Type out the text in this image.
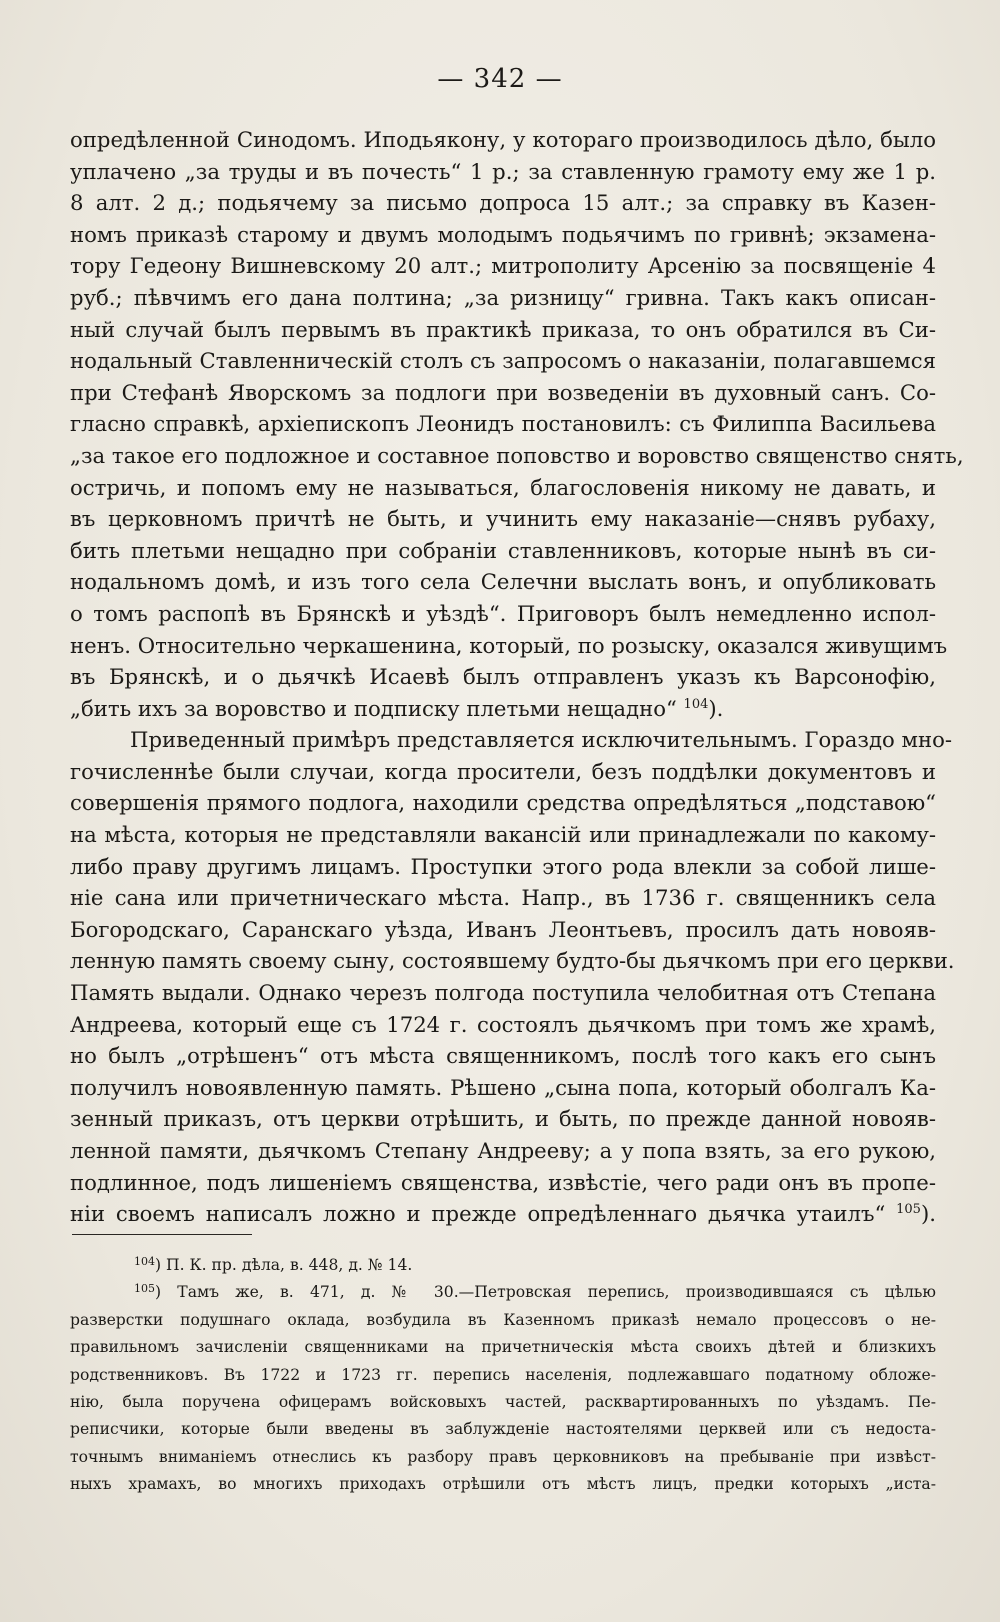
— 342 —

опредѣленной Синодомъ. Иподьякону, у котораго производилось дѣло, было
уплачено „за труды и въ почесть“ 1 р.; за ставленную грамоту ему же 1 р.
8 алт. 2 д.; подьячему за письмо допроса 15 алт.; за справку въ Казен-
номъ приказѣ старому и двумъ молодымъ подьячимъ по гривнѣ; экзамена-
тору Гедеону Вишневскому 20 алт.; митрополиту Арсенію за посвященіе 4
руб.; пѣвчимъ его дана полтина; „за ризницу“ гривна. Такъ какъ описан-
ный случай былъ первымъ въ практикѣ приказа, то онъ обратился въ Си-
нодальный Ставленническій столъ съ запросомъ о наказаніи, полагавшемся
при Стефанѣ Яворскомъ за подлоги при возведеніи въ духовный санъ. Со-
гласно справкѣ, архіепископъ Леонидъ постановилъ: съ Филиппа Васильева
„за такое его подложное и составное поповство и воровство священство снять,
остричь, и попомъ ему не называться, благословенія никому не давать, и
въ церковномъ причтѣ не быть, и учинить ему наказаніе—снявъ рубаху,
бить плетьми нещадно при собраніи ставленниковъ, которые нынѣ въ си-
нодальномъ домѣ, и изъ того села Селечни выслать вонъ, и опубликовать
о томъ распопѣ въ Брянскѣ и уѣздѣ“. Приговоръ былъ немедленно испол-
ненъ. Относительно черкашенина, который, по розыску, оказался живущимъ
въ Брянскѣ, и о дьячкѣ Исаевѣ былъ отправленъ указъ къ Варсонофію,
„бить ихъ за воровство и подписку плетьми нещадно“ $^{104}$).

Приведенный примѣръ представляется исключительнымъ. Гораздо мно-
гочисленнѣе были случаи, когда просители, безъ поддѣлки документовъ и
совершенія прямого подлога, находили средства опредѣляться „подставою“
на мѣста, которыя не представляли вакансій или принадлежали по какому-
либо праву другимъ лицамъ. Проступки этого рода влекли за собой лише-
ніе сана или причетническаго мѣста. Напр., въ 1736 г. священникъ села
Богородскаго, Саранскаго уѣзда, Иванъ Леонтьевъ, просилъ дать новояв-
ленную память своему сыну, состоявшему будто-бы дьячкомъ при его церкви.
Память выдали. Однако черезъ полгода поступила челобитная отъ Степана
Андреева, который еще съ 1724 г. состоялъ дьячкомъ при томъ же храмѣ,
но былъ „отрѣшенъ“ отъ мѣста священникомъ, послѣ того какъ его сынъ
получилъ новоявленную память. Рѣшено „сына попа, который оболгалъ Ка-
зенный приказъ, отъ церкви отрѣшить, и быть, по прежде данной новояв-
ленной памяти, дьячкомъ Степану Андрееву; а у попа взять, за его рукою,
подлинное, подъ лишеніемъ священства, извѣстіе, чего ради онъ въ пропе-
ніи своемъ написалъ ложно и прежде опредѣленнаго дьячка утаилъ“ $^{105}$).

$^{104}$) П. К. пр. дѣла, в. 448, д. № 14.
$^{105}$) Тамъ же, в. 471, д. № 30.—Петровская перепись, производившаяся съ цѣлью
разверстки подушнаго оклада, возбудила въ Казенномъ приказѣ немало процессовъ о не-
правильномъ зачисленіи священниками на причетническія мѣста своихъ дѣтей и близкихъ
родственниковъ. Въ 1722 и 1723 гг. перепись населенія, подлежавшаго податному обложе-
нію, была поручена офицерамъ войсковыхъ частей, расквартированныхъ по уѣздамъ. Пе-
реписчики, которые были введены въ заблужденіе настоятелями церквей или съ недоста-
точнымъ вниманіемъ отнеслись къ разбору правъ церковниковъ на пребываніе при извѣст-
ныхъ храмахъ, во многихъ приходахъ отрѣшили отъ мѣстъ лицъ, предки которыхъ „иста-
